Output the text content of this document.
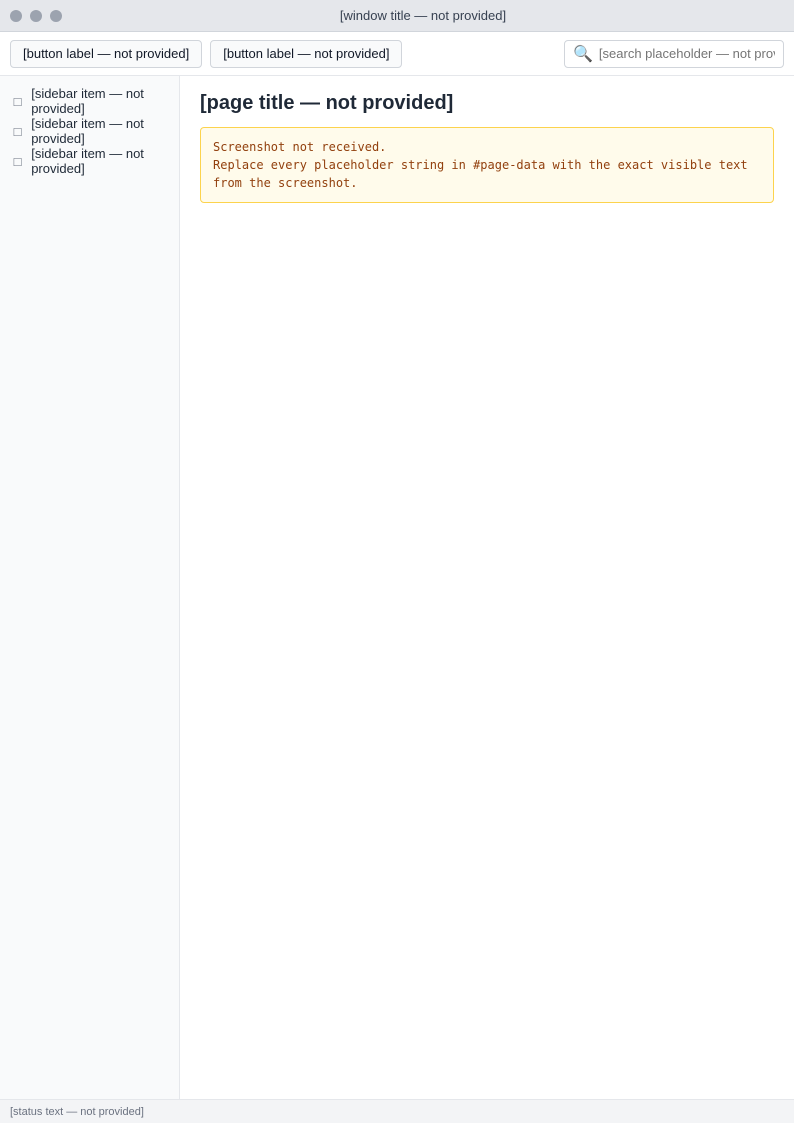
[window title — not provided]
[button label — not provided]	[button label — not provided]	🔍
[search placeholder — not provided]
□ [sidebar item — not provided]
□ [sidebar item — not provided]
□ [sidebar item — not provided]
[page title — not provided]
Screenshot not received.
Replace every placeholder string in #page-data with the exact visible text from the screenshot.
[status text — not provided]
